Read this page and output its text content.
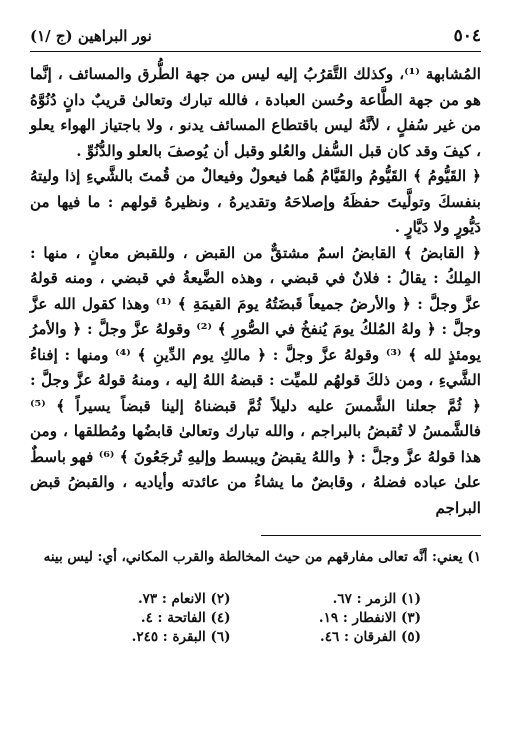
٥٠٤
نور البراهين (ج /١)

المُشابهة ⁽¹⁾، وكذلك التَّقرُبُ إليه ليس من جهة الطُّرق والمسائف ، إنَّما هو من جهة الطَّاعة وحُسن العبادة ، فالله تبارك وتعالىٰ قريبٌ دانٍ دُنُوَّهُ من غير سُفلٍ ، لأنَّهُ ليس باقتطاع المسائف يدنو ، ولا باجتياز الهواء يعلو ، كيفَ وقد كان قبل السُّفل والعُلو وقبل أن يُوصفَ بالعلو والدُّنُوِّ .

﴿ القَيُّومُ ﴾ القَيُّومُ والقَيَّامُ هُما فيعولٌ وفيعالٌ من قُمتَ بالشَّيءِ إذا وليتهُ بنفسكَ وتولَّيتَ حفظَهُ وإصلاحَهُ وتقديرهُ ، ونظيرهُ قولهم : ما فيها من دَيُّورٍ ولا دَيَّارٍ .

﴿ القابضُ ﴾ القابضُ اسمٌ مشتقٌّ من القبض ، وللقبض معانٍ ، منها : المِلكُ : يقالُ : فلانٌ في قبضي ، وهذه الضَّيعةُ في قبضي ، ومنه قولهُ عزَّ وجلَّ : ﴿ والأرضُ جميعاً قَبضَتُهُ يومَ القيمَةِ ﴾ ⁽¹⁾ وهذا كقول الله عزَّ وجلَّ : ﴿ ولهُ المُلكُ يومَ يُنفخُ في الصُّورِ ﴾ ⁽²⁾ وقولهُ عزَّ وجلَّ : ﴿ والأمرُ يومئذٍ لله ﴾ ⁽³⁾ وقولهُ عزَّ وجلَّ : ﴿ مالكِ يوم الدِّينِ ﴾ ⁽⁴⁾ ومنها : إفناءُ الشَّيءِ ، ومن ذلكَ قولهُم للميِّت : قبضهُ اللهُ إليه ، ومنهُ قولهُ عزَّ وجلَّ : ﴿ ثُمَّ جعلنا الشَّمسَ عليه دليلاً ثُمَّ قبضناهُ إلينا قبضاً يسيراً ﴾ ⁽⁵⁾ فالشَّمسُ لا تُقبضُ بالبراجم ، والله تبارك وتعالىٰ قابضُها ومُطلقها ، ومن هذا قولهُ عزَّ وجلَّ : ﴿ واللهُ يقبضُ ويبسط وإليهِ تُرجَعُونَ ﴾ ⁽⁶⁾ فهو باسطٌ علىٰ عباده فضلهُ ، وقابضٌ ما يشاءُ من عائدته وأياديه ، والقبضُ قبض البراجم

١) يعني: أنَّه تعالى مفارقهم من حيث المخالطة والقرب المكاني، أي: ليس بينه
(١) الزمر : ٦٧.
(٢) الانعام : ٧٣.
(٣) الانفطار : ١٩.
(٤) الفاتحة : ٤.
(٥) الفرقان : ٤٦.
(٦) البقرة : ٢٤٥.
